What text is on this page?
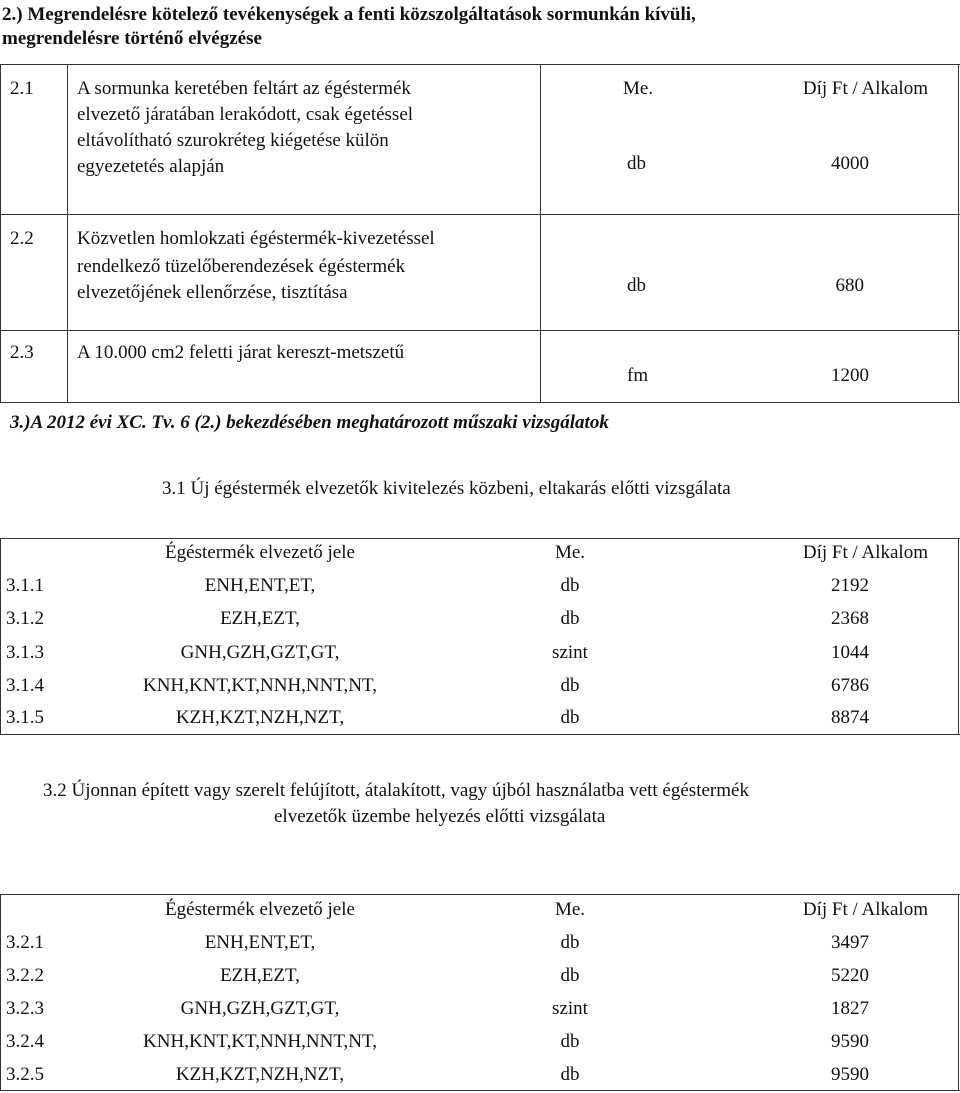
2.) Megrendelésre kötelező tevékenységek a fenti közszolgáltatások sormunkán kívüli,
megrendelésre történő elvégzése
Me.	Díj Ft / Alkalom
2.1 A sormunka keretében feltárt az égéstermék
elvezető járatában lerakódott, csak égetéssel
eltávolítható szurokréteg kiégetése külön
egyezetetés alapján	db	4000
2.2 Közvetlen homlokzati égéstermék-kivezetéssel
rendelkező tüzelőberendezések égéstermék
elvezetőjének ellenőrzése, tisztítása	db	680
2.3 A 10.000 cm2 feletti járat kereszt-metszetű
fm	1200
3.)A 2012 évi XC. Tv. 6 (2.) bekezdésében meghatározott műszaki vizsgálatok
3.1 Új égéstermék elvezetők kivitelezés közbeni, eltakarás előtti vizsgálata
Égéstermék elvezető jele	Me.	Díj Ft / Alkalom
3.1.1	ENH,ENT,ET,	db	2192
3.1.2	EZH,EZT,	db	2368
3.1.3	GNH,GZH,GZT,GT,	szint	1044
3.1.4	KNH,KNT,KT,NNH,NNT,NT,	db	6786
3.1.5	KZH,KZT,NZH,NZT,	db	8874
3.2 Újonnan épített vagy szerelt felújított, átalakított, vagy újból használatba vett égéstermék
elvezetők üzembe helyezés előtti vizsgálata
Égéstermék elvezető jele	Me.	Díj Ft / Alkalom
3.2.1	ENH,ENT,ET,	db	3497
3.2.2	EZH,EZT,	db	5220
3.2.3	GNH,GZH,GZT,GT,	szint	1827
3.2.4	KNH,KNT,KT,NNH,NNT,NT,	db	9590
3.2.5	KZH,KZT,NZH,NZT,	db	9590
